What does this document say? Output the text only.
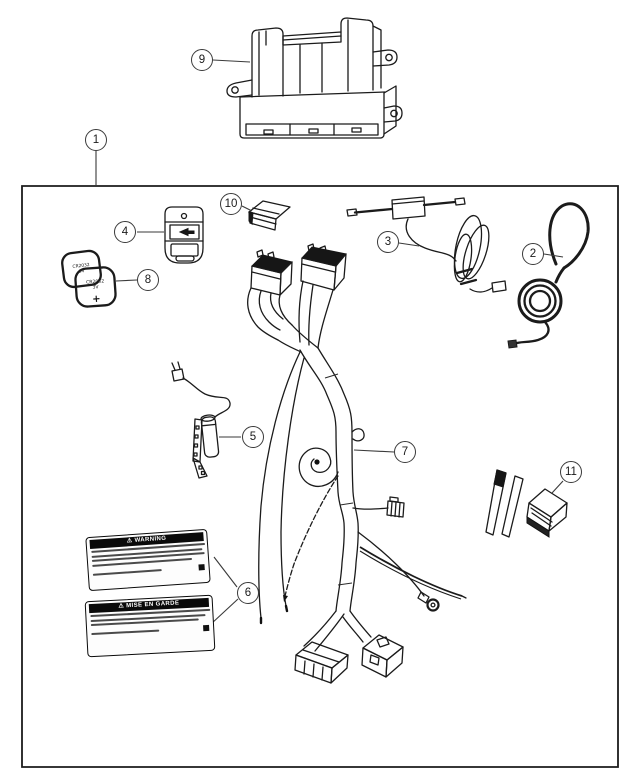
CR2032
3V
CR2032
3V
+
1
2
3
4
5
6
7
8
9
10
11
⚠ WARNING
⚠ MISE EN GARDE
